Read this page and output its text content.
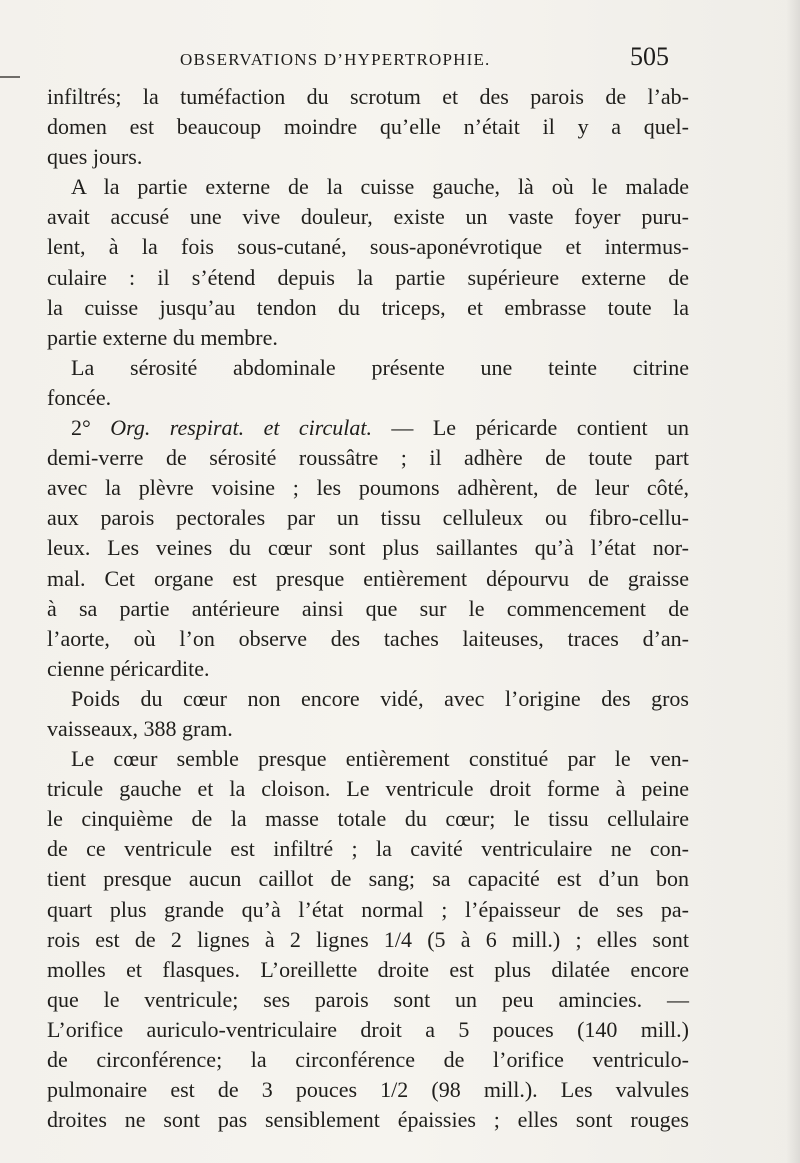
OBSERVATIONS D’HYPERTROPHIE.	505
infiltrés; la tuméfaction du scrotum et des parois de l’ab-
domen est beaucoup moindre qu’elle n’était il y a quel-
ques jours.
A la partie externe de la cuisse gauche, là où le malade
avait accusé une vive douleur, existe un vaste foyer puru-
lent, à la fois sous-cutané, sous-aponévrotique et intermus-
culaire : il s’étend depuis la partie supérieure externe de
la cuisse jusqu’au tendon du triceps, et embrasse toute la
partie externe du membre.
La sérosité abdominale présente une teinte citrine
foncée.
2° Org. respirat. et circulat. — Le péricarde contient un
demi-verre de sérosité roussâtre ; il adhère de toute part
avec la plèvre voisine ; les poumons adhèrent, de leur côté,
aux parois pectorales par un tissu celluleux ou fibro-cellu-
leux. Les veines du cœur sont plus saillantes qu’à l’état nor-
mal. Cet organe est presque entièrement dépourvu de graisse
à sa partie antérieure ainsi que sur le commencement de
l’aorte, où l’on observe des taches laiteuses, traces d’an-
cienne péricardite.
Poids du cœur non encore vidé, avec l’origine des gros
vaisseaux, 388 gram.
Le cœur semble presque entièrement constitué par le ven-
tricule gauche et la cloison. Le ventricule droit forme à peine
le cinquième de la masse totale du cœur; le tissu cellulaire
de ce ventricule est infiltré ; la cavité ventriculaire ne con-
tient presque aucun caillot de sang; sa capacité est d’un bon
quart plus grande qu’à l’état normal ; l’épaisseur de ses pa-
rois est de 2 lignes à 2 lignes 1/4 (5 à 6 mill.) ; elles sont
molles et flasques. L’oreillette droite est plus dilatée encore
que le ventricule; ses parois sont un peu amincies. —
L’orifice auriculo-ventriculaire droit a 5 pouces (140 mill.)
de circonférence; la circonférence de l’orifice ventriculo-
pulmonaire est de 3 pouces 1/2 (98 mill.). Les valvules
droites ne sont pas sensiblement épaissies ; elles sont rouges
